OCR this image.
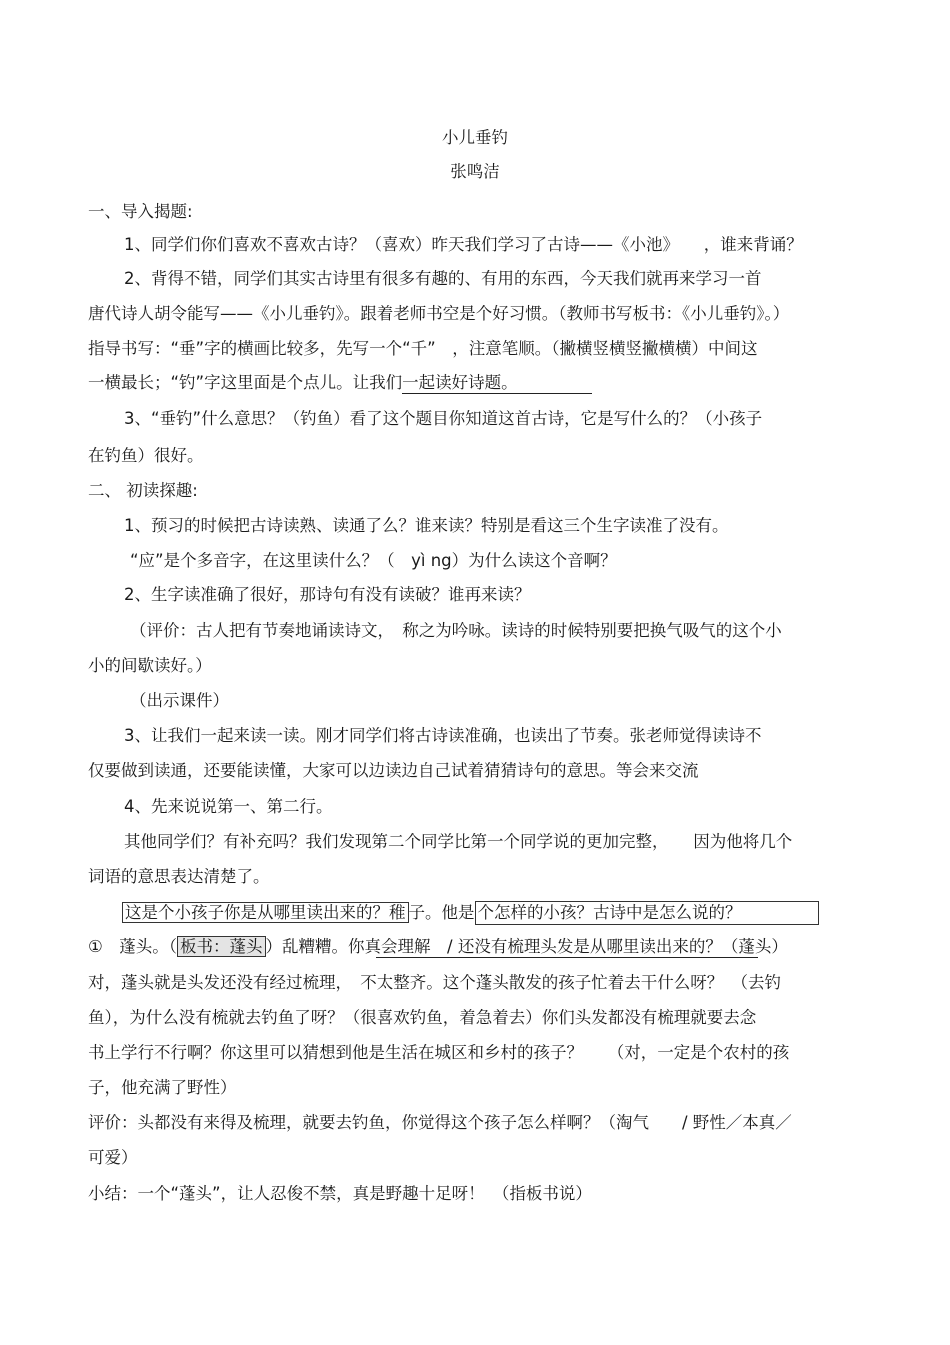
小儿垂钓
张鸣洁
一、导入揭题:
1、同学们你们喜欢不喜欢古诗？（喜欢）昨天我们学习了古诗——《小池》　　，谁来背诵？
2、背得不错，同学们其实古诗里有很多有趣的、有用的东西，今天我们就再来学习一首
唐代诗人胡令能写——《小儿垂钓》。跟着老师书空是个好习惯。（教师书写板书：《小儿垂钓》。）
指导书写：“垂”字的横画比较多，先写一个“千”　，注意笔顺。（撇横竖横竖撇横横）中间这
一横最长；“钓”字这里面是个点儿。让我们一起读好诗题。
3、“垂钓”什么意思？（钓鱼）看了这个题目你知道这首古诗，它是写什么的？（小孩子
在钓鱼）很好。
二、 初读探趣:
1、预习的时候把古诗读熟、读通了么？谁来读？特别是看这三个生字读准了没有。
“应”是个多音字，在这里读什么？（　yì ng）为什么读这个音啊？
2、生字读准确了很好，那诗句有没有读破？谁再来读？
（评价：古人把有节奏地诵读诗文，　称之为吟咏。读诗的时候特别要把换气吸气的这个小
小的间歇读好。）
（出示课件）
3、让我们一起来读一读。刚才同学们将古诗读准确，也读出了节奏。张老师觉得读诗不
仅要做到读通，还要能读懂，大家可以边读边自己试着猜猜诗句的意思。等会来交流
4、先来说说第一、第二行。
其他同学们？有补充吗？我们发现第二个同学比第一个同学说的更加完整，　　因为他将几个
词语的意思表达清楚了。
这是个小孩子你是从哪里读出来的？稚 子。他是 个怎样的小孩？古诗中是怎么说的？
①　蓬头。（ 板书：蓬头 ）乱糟糟。你真会理解　/ 还没有梳理头发是从哪里读出来的？（蓬头）
对，蓬头就是头发还没有经过梳理，　不太整齐。这个蓬头散发的孩子忙着去干什么呀？　（去钓
鱼），为什么没有梳就去钓鱼了呀？（很喜欢钓鱼，着急着去）你们头发都没有梳理就要去念
书上学行不行啊？你这里可以猜想到他是生活在城区和乡村的孩子？　　（对，一定是个农村的孩
子，他充满了野性）
评价：头都没有来得及梳理，就要去钓鱼，你觉得这个孩子怎么样啊？（淘气　　/ 野性／本真／
可爱）
小结：一个“蓬头”，让人忍俊不禁，真是野趣十足呀！　（指板书说）
